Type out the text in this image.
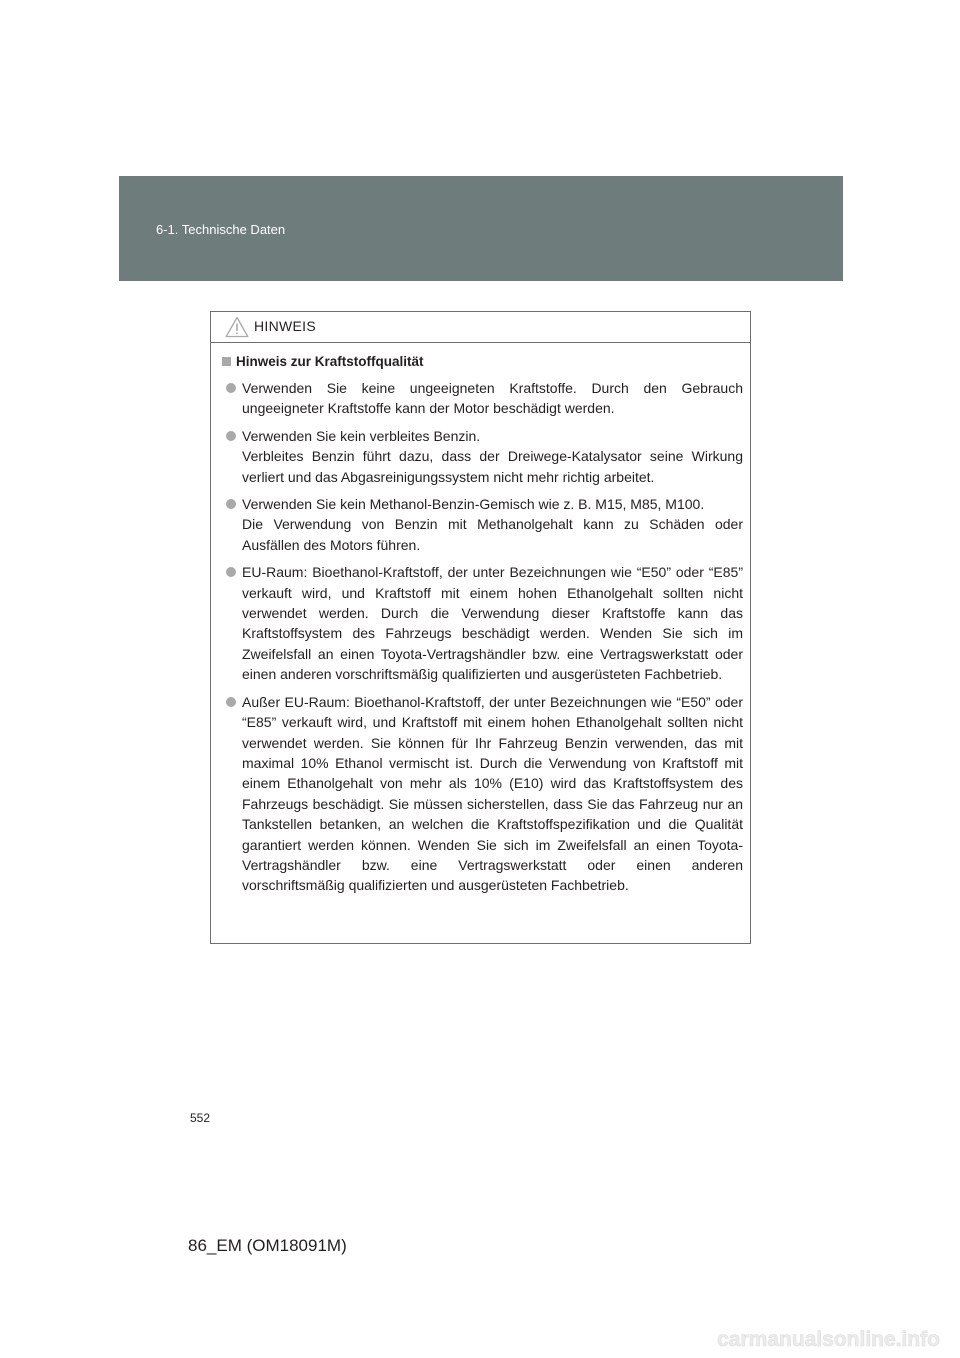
6-1. Technische Daten
HINWEIS
Hinweis zur Kraftstoffqualität
Verwenden Sie keine ungeeigneten Kraftstoffe. Durch den Gebrauch ungeeigneter Kraftstoffe kann der Motor beschädigt werden.
Verwenden Sie kein verbleites Benzin.
Verbleites Benzin führt dazu, dass der Dreiwege-Katalysator seine Wirkung verliert und das Abgasreinigungssystem nicht mehr richtig arbeitet.
Verwenden Sie kein Methanol-Benzin-Gemisch wie z. B. M15, M85, M100.
Die Verwendung von Benzin mit Methanolgehalt kann zu Schäden oder Ausfällen des Motors führen.
EU-Raum: Bioethanol-Kraftstoff, der unter Bezeichnungen wie “E50” oder “E85” verkauft wird, und Kraftstoff mit einem hohen Ethanolgehalt sollten nicht verwendet werden. Durch die Verwendung dieser Kraftstoffe kann das Kraftstoffsystem des Fahrzeugs beschädigt werden. Wenden Sie sich im Zweifelsfall an einen Toyota-Vertragshändler bzw. eine Vertragswerkstatt oder einen anderen vorschriftsmäßig qualifizierten und ausgerüsteten Fachbetrieb.
Außer EU-Raum: Bioethanol-Kraftstoff, der unter Bezeichnungen wie “E50” oder “E85” verkauft wird, und Kraftstoff mit einem hohen Ethanolgehalt sollten nicht verwendet werden. Sie können für Ihr Fahrzeug Benzin verwenden, das mit maximal 10% Ethanol vermischt ist. Durch die Verwendung von Kraftstoff mit einem Ethanolgehalt von mehr als 10% (E10) wird das Kraftstoffsystem des Fahrzeugs beschädigt. Sie müssen sicherstellen, dass Sie das Fahrzeug nur an Tankstellen betanken, an welchen die Kraftstoffspezifikation und die Qualität garantiert werden können. Wenden Sie sich im Zweifelsfall an einen Toyota-Vertragshändler bzw. eine Vertragswerkstatt oder einen anderen vorschriftsmäßig qualifizierten und ausgerüsteten Fachbetrieb.
552
86_EM (OM18091M)
carmanualsonline.info
